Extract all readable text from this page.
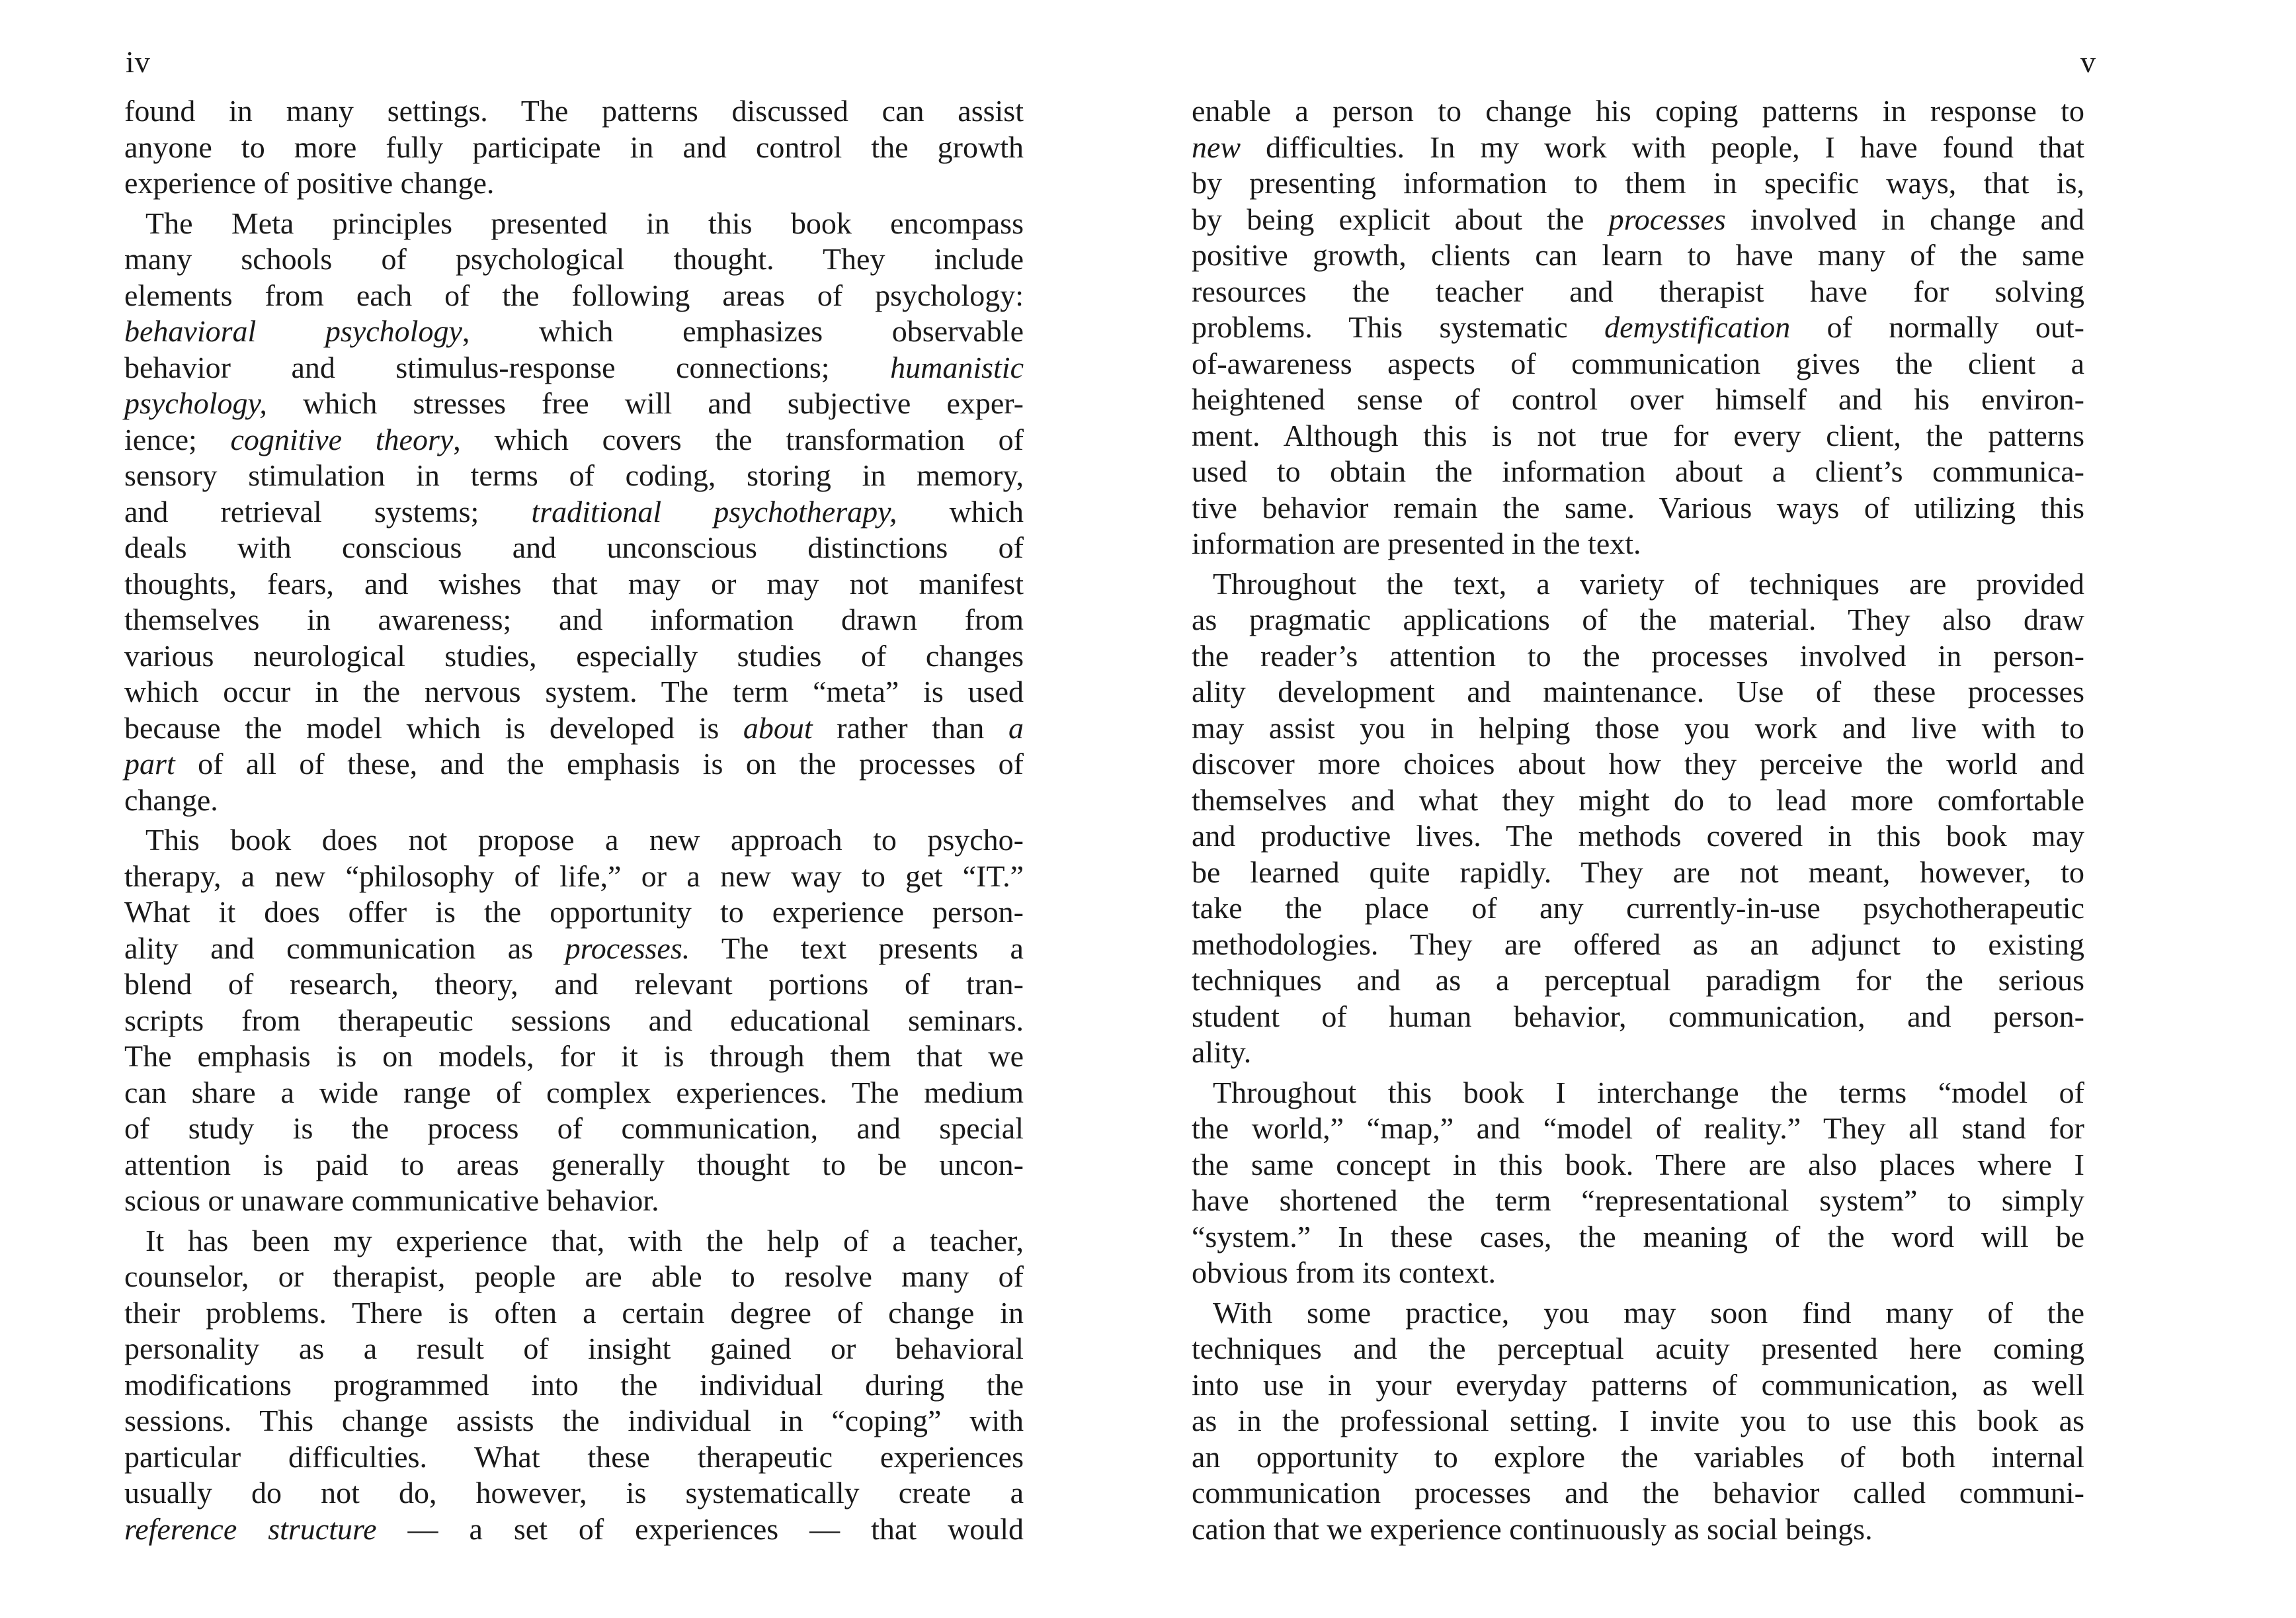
iv
found in many settings. The patterns discussed can assist
anyone to more fully participate in and control the growth
experience of positive change.
The Meta principles presented in this book encompass
many schools of psychological thought. They include
elements from each of the following areas of psychology:
behavioral psychology, which emphasizes observable
behavior and stimulus-response connections; humanistic
psychology, which stresses free will and subjective exper-
ience; cognitive theory, which covers the transformation of
sensory stimulation in terms of coding, storing in memory,
and retrieval systems; traditional psychotherapy, which
deals with conscious and unconscious distinctions of
thoughts, fears, and wishes that may or may not manifest
themselves in awareness; and information drawn from
various neurological studies, especially studies of changes
which occur in the nervous system. The term “meta” is used
because the model which is developed is about rather than a
part of all of these, and the emphasis is on the processes of
change.
This book does not propose a new approach to psycho-
therapy, a new “philosophy of life,” or a new way to get “IT.”
What it does offer is the opportunity to experience person-
ality and communication as processes. The text presents a
blend of research, theory, and relevant portions of tran-
scripts from therapeutic sessions and educational seminars.
The emphasis is on models, for it is through them that we
can share a wide range of complex experiences. The medium
of study is the process of communication, and special
attention is paid to areas generally thought to be uncon-
scious or unaware communicative behavior.
It has been my experience that, with the help of a teacher,
counselor, or therapist, people are able to resolve many of
their problems. There is often a certain degree of change in
personality as a result of insight gained or behavioral
modifications programmed into the individual during the
sessions. This change assists the individual in “coping” with
particular difficulties. What these therapeutic experiences
usually do not do, however, is systematically create a
reference structure — a set of experiences — that would
v
enable a person to change his coping patterns in response to
new difficulties. In my work with people, I have found that
by presenting information to them in specific ways, that is,
by being explicit about the processes involved in change and
positive growth, clients can learn to have many of the same
resources the teacher and therapist have for solving
problems. This systematic demystification of normally out-
of-awareness aspects of communication gives the client a
heightened sense of control over himself and his environ-
ment. Although this is not true for every client, the patterns
used to obtain the information about a client’s communica-
tive behavior remain the same. Various ways of utilizing this
information are presented in the text.
Throughout the text, a variety of techniques are provided
as pragmatic applications of the material. They also draw
the reader’s attention to the processes involved in person-
ality development and maintenance. Use of these processes
may assist you in helping those you work and live with to
discover more choices about how they perceive the world and
themselves and what they might do to lead more comfortable
and productive lives. The methods covered in this book may
be learned quite rapidly. They are not meant, however, to
take the place of any currently-in-use psychotherapeutic
methodologies. They are offered as an adjunct to existing
techniques and as a perceptual paradigm for the serious
student of human behavior, communication, and person-
ality.
Throughout this book I interchange the terms “model of
the world,” “map,” and “model of reality.” They all stand for
the same concept in this book. There are also places where I
have shortened the term “representational system” to simply
“system.” In these cases, the meaning of the word will be
obvious from its context.
With some practice, you may soon find many of the
techniques and the perceptual acuity presented here coming
into use in your everyday patterns of communication, as well
as in the professional setting. I invite you to use this book as
an opportunity to explore the variables of both internal
communication processes and the behavior called communi-
cation that we experience continuously as social beings.
